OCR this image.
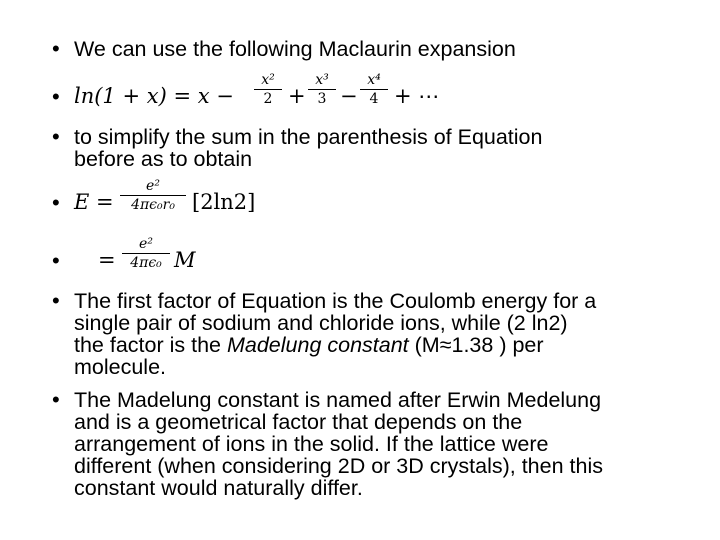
• We can use the following Maclaurin expansion
• ln(1 + x) = x −
x²
2 +
x³
3 −
x⁴
4 + ⋯
• to simplify the sum in the parenthesis of Equation
before as to obtain
• E =
e²
4πϵ₀r₀ [2ln2]
•	=
e²
4πϵ₀ M
• The first factor of Equation is the Coulomb energy for a
single pair of sodium and chloride ions, while (2 ln2)
the factor is the Madelung constant (M≈1.38 ) per
molecule.
• The Madelung constant is named after Erwin Medelung
and is a geometrical factor that depends on the
arrangement of ions in the solid. If the lattice were
different (when considering 2D or 3D crystals), then this
constant would naturally differ.
